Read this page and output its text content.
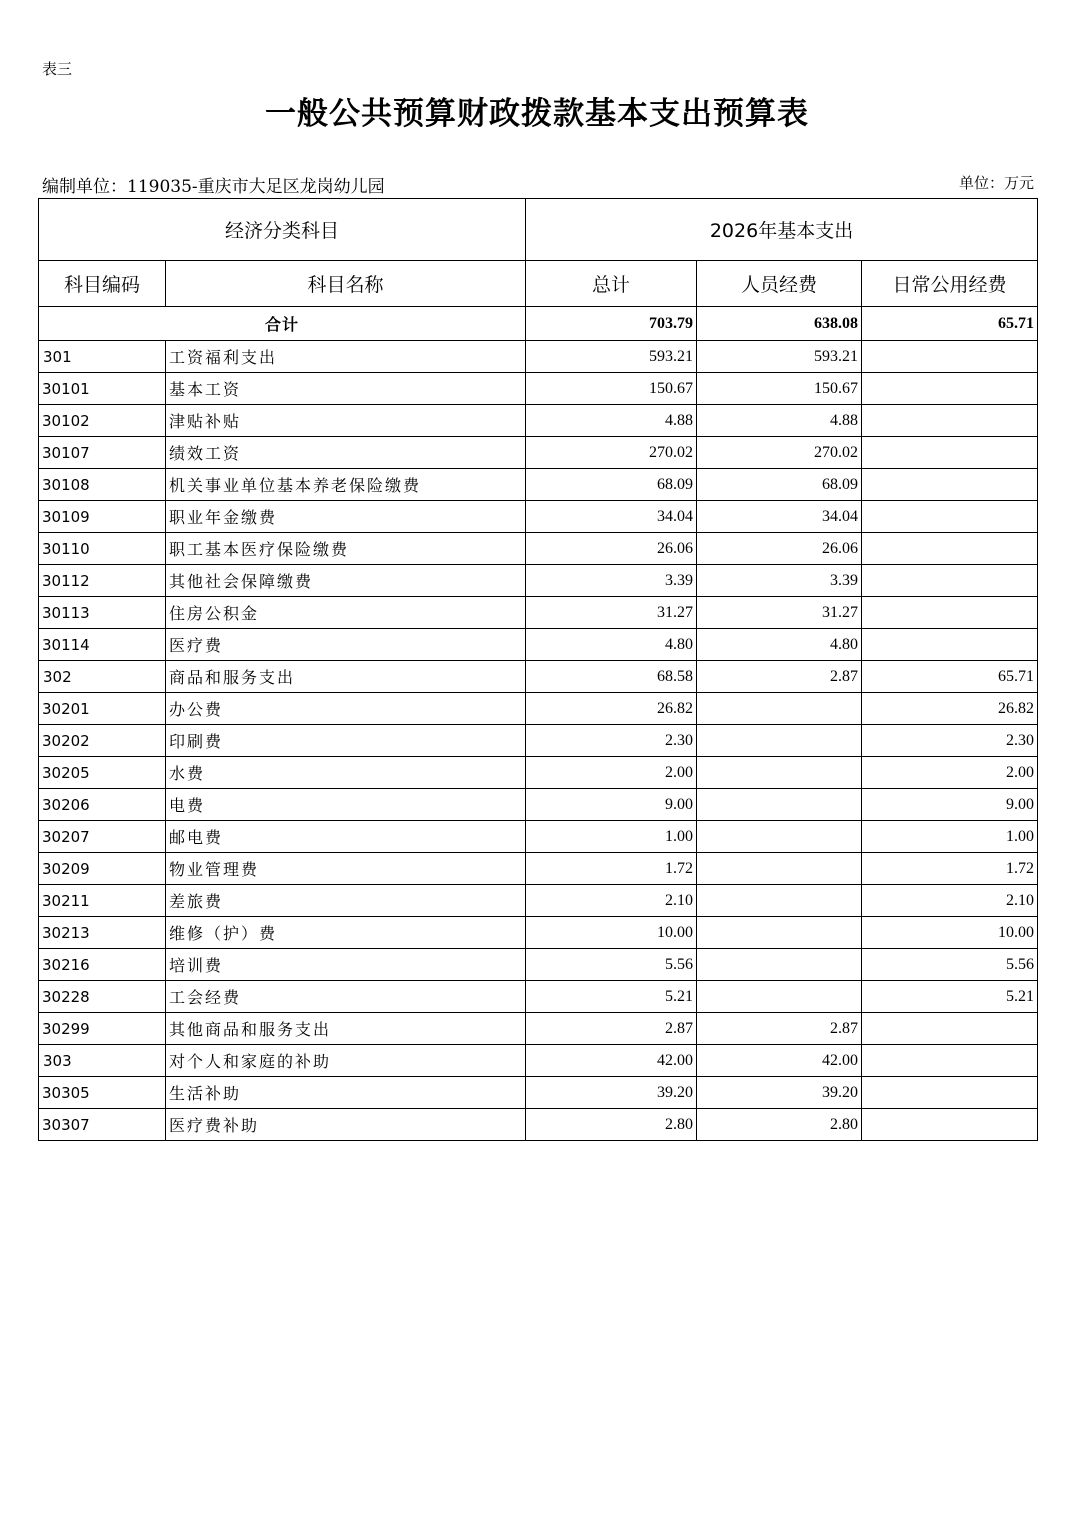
表三
一般公共预算财政拨款基本支出预算表
编制单位：119035-重庆市大足区龙岗幼儿园	单位：万元
经济分类科目		2026年基本支出		
科目编码	科目名称	总计	人员经费	日常公用经费
合计		703.79	638.08	65.71
301	工资福利支出	593.21	593.21	
30101	基本工资	150.67	150.67	
30102	津贴补贴	4.88	4.88	
30107	绩效工资	270.02	270.02	
30108	机关事业单位基本养老保险缴费	68.09	68.09	
30109	职业年金缴费	34.04	34.04	
30110	职工基本医疗保险缴费	26.06	26.06	
30112	其他社会保障缴费	3.39	3.39	
30113	住房公积金	31.27	31.27	
30114	医疗费	4.80	4.80	
302	商品和服务支出	68.58	2.87	65.71
30201	办公费	26.82		26.82
30202	印刷费	2.30		2.30
30205	水费	2.00		2.00
30206	电费	9.00		9.00
30207	邮电费	1.00		1.00
30209	物业管理费	1.72		1.72
30211	差旅费	2.10		2.10
30213	维修（护）费	10.00		10.00
30216	培训费	5.56		5.56
30228	工会经费	5.21		5.21
30299	其他商品和服务支出	2.87	2.87	
303	对个人和家庭的补助	42.00	42.00	
30305	生活补助	39.20	39.20	
30307	医疗费补助	2.80	2.80	
